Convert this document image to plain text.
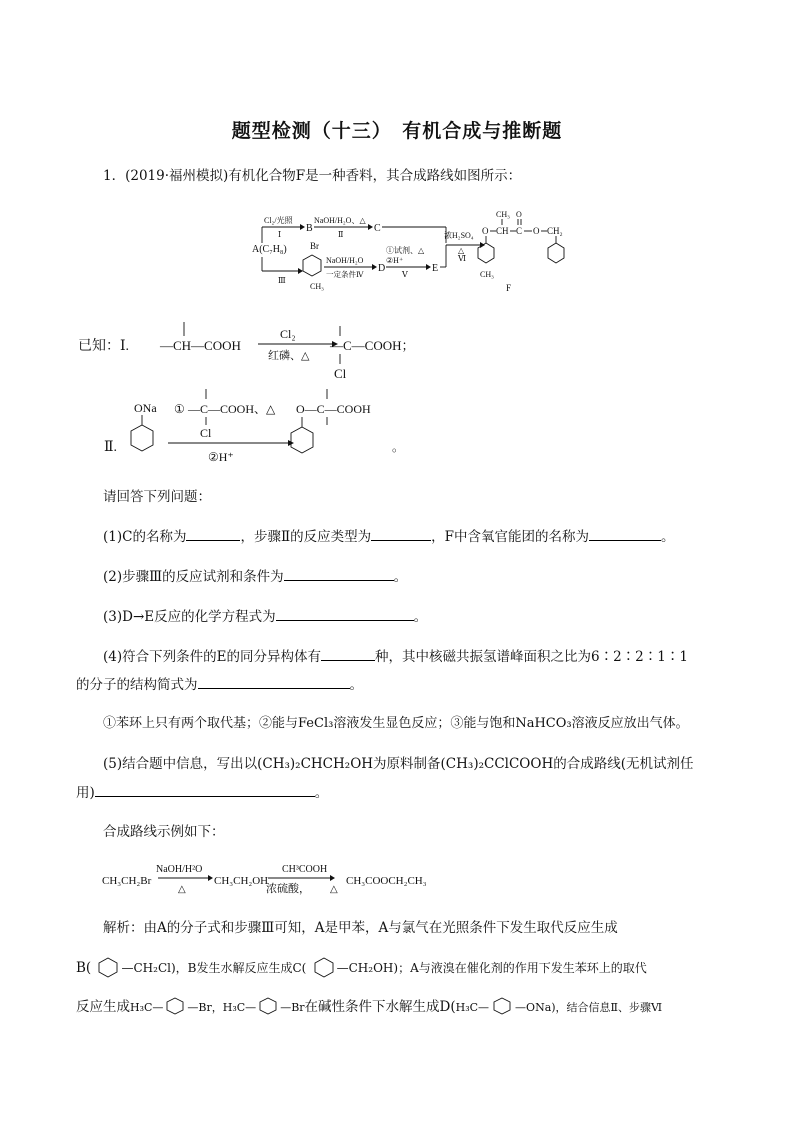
题型检测（十三）　有机合成与推断题
1．(2019·福州模拟)有机化合物F是一种香料，其合成路线如图所示：
A(C₇H₈)
Cl₂/光照
Ⅰ
B
NaOH/H₂O、△
Ⅱ
C
Ⅲ
Br
CH₃
NaOH/H₂O
一定条件Ⅳ
D
①试剂、△
②H⁺
Ⅴ
E
浓H₂SO₄
△
Ⅵ
O CH
CH₃
C
O
O CH₂
CH₃
F
已知：Ⅰ. —CH—COOH
Cl₂
红磷、△
—C—COOH；
Cl
Ⅱ.
ONa ① —C—COOH、△
Cl
②H⁺
O—C—COOH
。
请回答下列问题：
(1)C的名称为	，步骤Ⅱ的反应类型为	，F中含氧官能团的名称为	。
(2)步骤Ⅲ的反应试剂和条件为	。
(3)D→E反应的化学方程式为	。
(4)符合下列条件的E的同分异构体有	种，其中核磁共振氢谱峰面积之比为6∶2∶2∶1∶1
的分子的结构简式为	。
①苯环上只有两个取代基；②能与FeCl₃溶液发生显色反应；③能与饱和NaHCO₃溶液反应放出气体。
(5)结合题中信息，写出以(CH₃)₂CHCH₂OH为原料制备(CH₃)₂CClCOOH的合成路线(无机试剂任
用)	。
合成路线示例如下：
CH₃CH₂Br
NaOH/H²O
△
CH₃CH₂OH
CH³COOH
浓硫酸， △
CH₃COOCH₂CH₃
解析：由A的分子式和步骤Ⅲ可知，A是甲苯，A与氯气在光照条件下发生取代反应生成
B(	—CH₂Cl)，B发生水解反应生成C(	—CH₂OH)；A与液溴在催化剂的作用下发生苯环上的取代
反应生成H₃C— —Br，H₃C— —Br在碱性条件下水解生成D(H₃C— —ONa)，结合信息Ⅱ、步骤Ⅵ
